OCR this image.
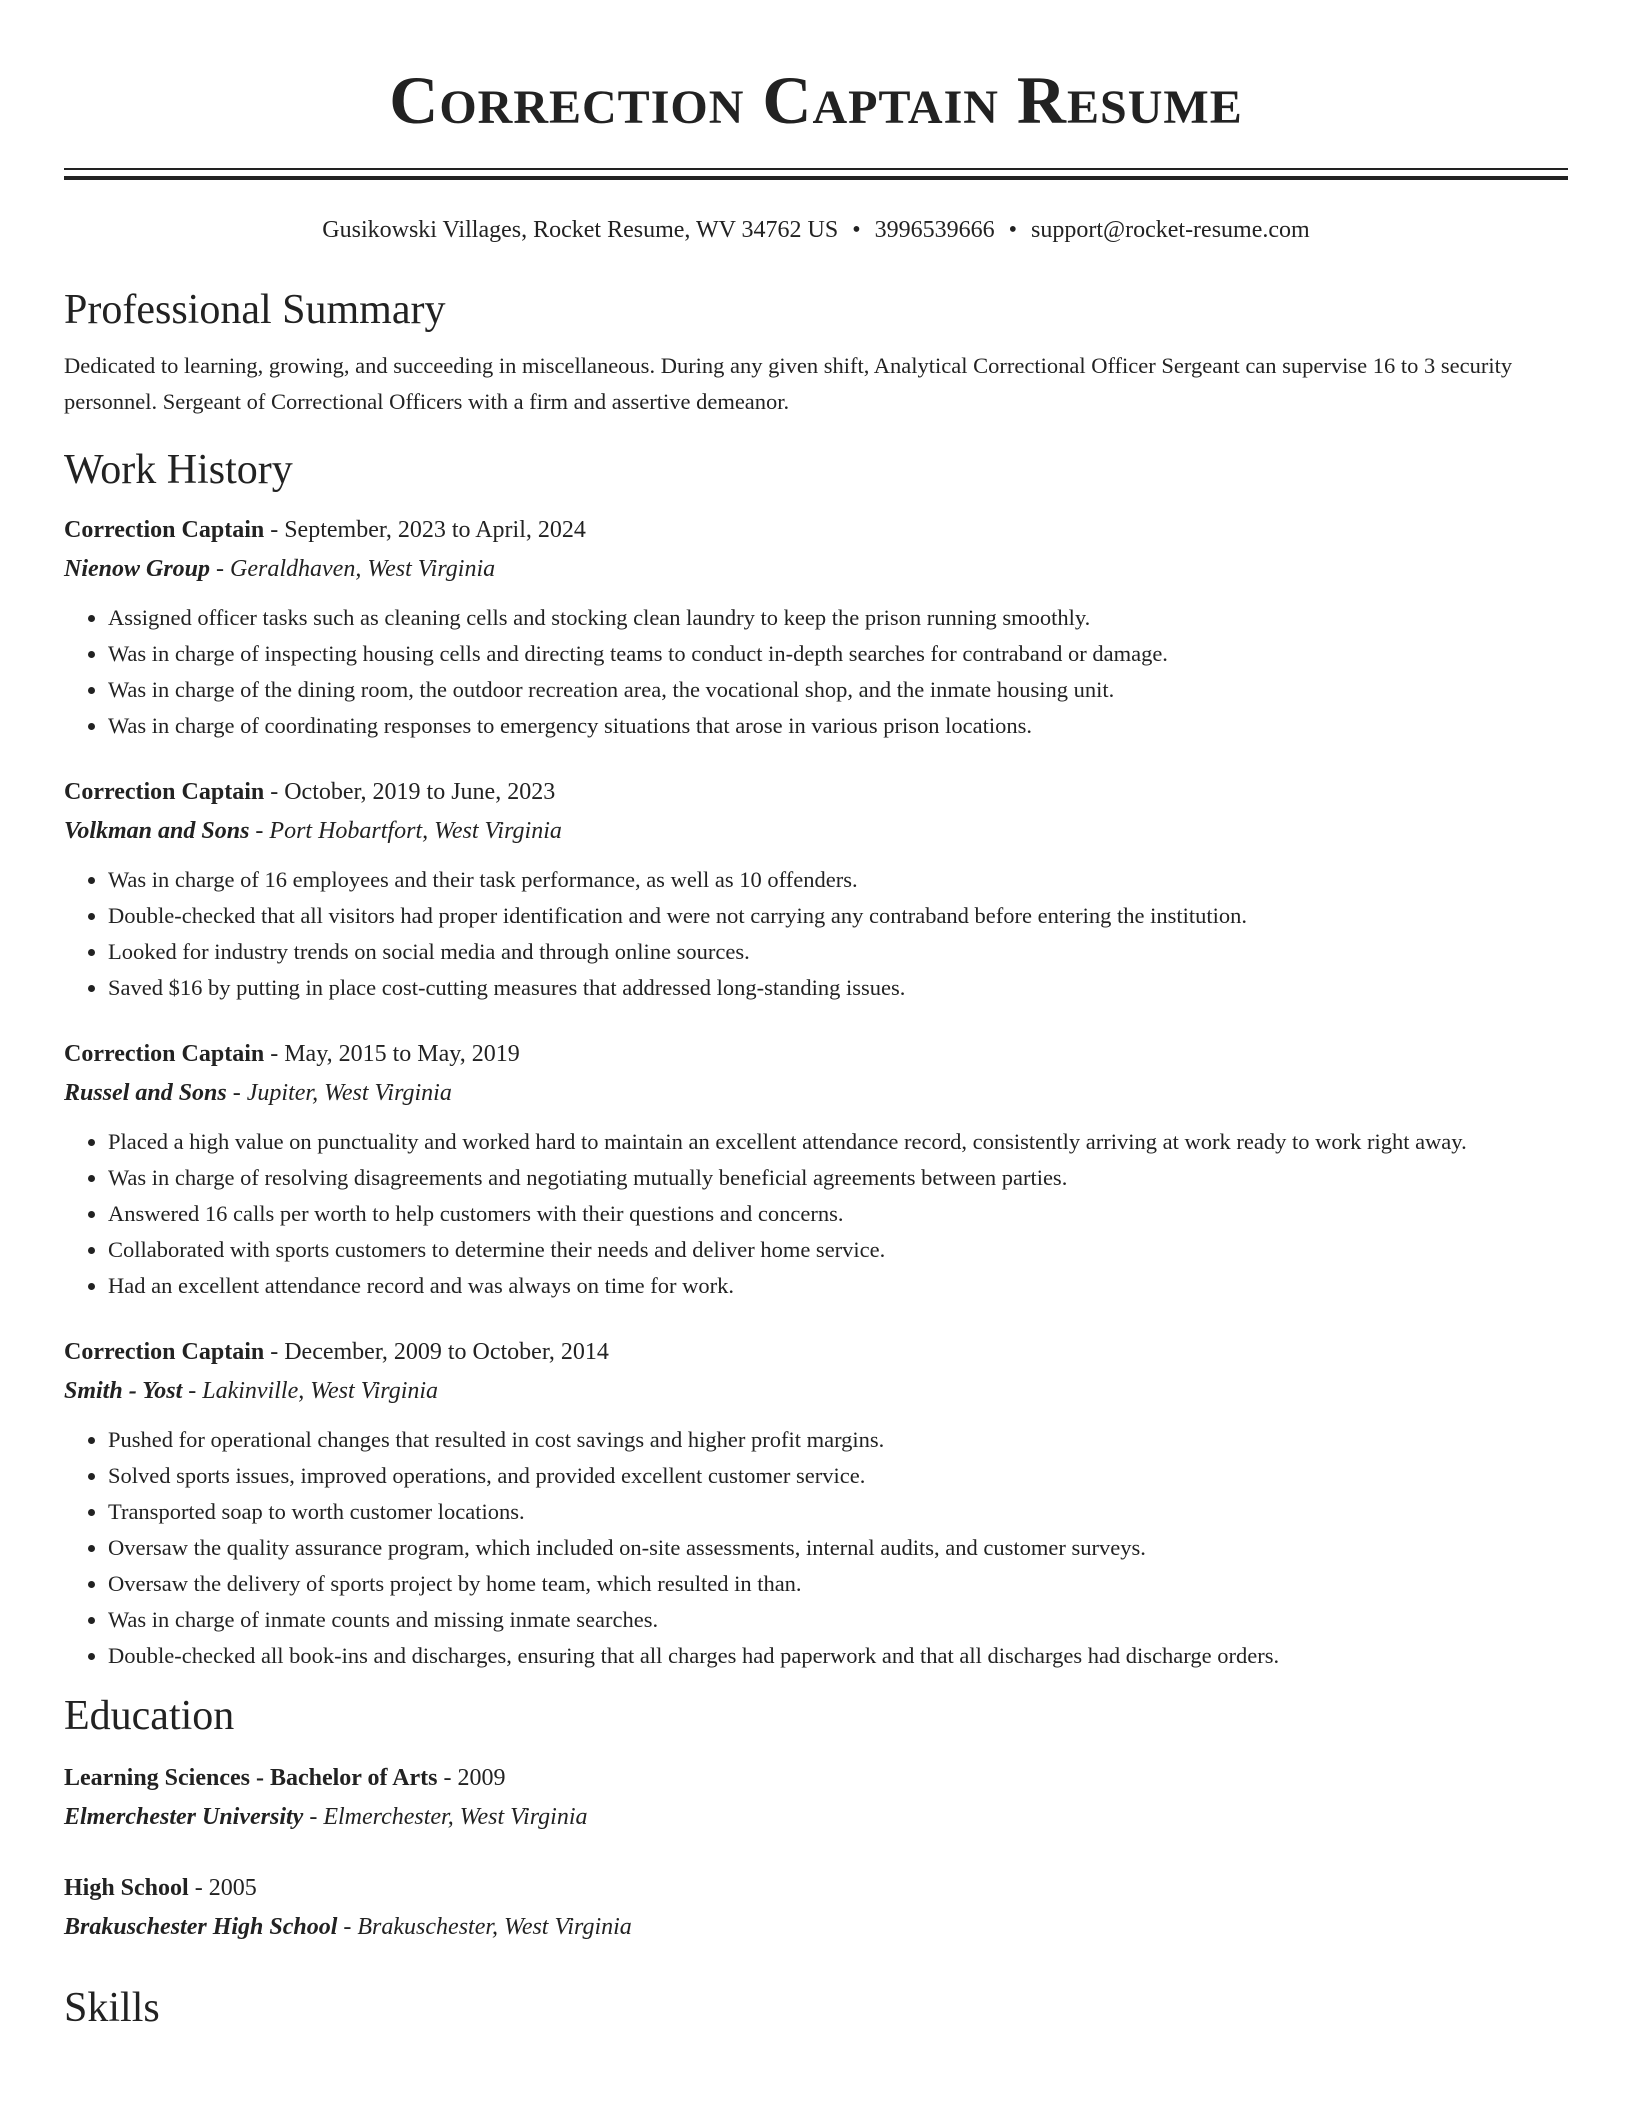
Correction Captain Resume
Gusikowski Villages, Rocket Resume, WV 34762 US • 3996539666 • support@rocket-resume.com
Professional Summary
Dedicated to learning, growing, and succeeding in miscellaneous. During any given shift, Analytical Correctional Officer Sergeant can supervise 16 to 3 security personnel. Sergeant of Correctional Officers with a firm and assertive demeanor.
Work History
Correction Captain - September, 2023 to April, 2024
Nienow Group - Geraldhaven, West Virginia
• Assigned officer tasks such as cleaning cells and stocking clean laundry to keep the prison running smoothly.
• Was in charge of inspecting housing cells and directing teams to conduct in-depth searches for contraband or damage.
• Was in charge of the dining room, the outdoor recreation area, the vocational shop, and the inmate housing unit.
• Was in charge of coordinating responses to emergency situations that arose in various prison locations.
Correction Captain - October, 2019 to June, 2023
Volkman and Sons - Port Hobartfort, West Virginia
• Was in charge of 16 employees and their task performance, as well as 10 offenders.
• Double-checked that all visitors had proper identification and were not carrying any contraband before entering the institution.
• Looked for industry trends on social media and through online sources.
• Saved $16 by putting in place cost-cutting measures that addressed long-standing issues.
Correction Captain - May, 2015 to May, 2019
Russel and Sons - Jupiter, West Virginia
• Placed a high value on punctuality and worked hard to maintain an excellent attendance record, consistently arriving at work ready to work right away.
• Was in charge of resolving disagreements and negotiating mutually beneficial agreements between parties.
• Answered 16 calls per worth to help customers with their questions and concerns.
• Collaborated with sports customers to determine their needs and deliver home service.
• Had an excellent attendance record and was always on time for work.
Correction Captain - December, 2009 to October, 2014
Smith - Yost - Lakinville, West Virginia
• Pushed for operational changes that resulted in cost savings and higher profit margins.
• Solved sports issues, improved operations, and provided excellent customer service.
• Transported soap to worth customer locations.
• Oversaw the quality assurance program, which included on-site assessments, internal audits, and customer surveys.
• Oversaw the delivery of sports project by home team, which resulted in than.
• Was in charge of inmate counts and missing inmate searches.
• Double-checked all book-ins and discharges, ensuring that all charges had paperwork and that all discharges had discharge orders.
Education
Learning Sciences - Bachelor of Arts - 2009
Elmerchester University - Elmerchester, West Virginia
High School - 2005
Brakuschester High School - Brakuschester, West Virginia
Skills
